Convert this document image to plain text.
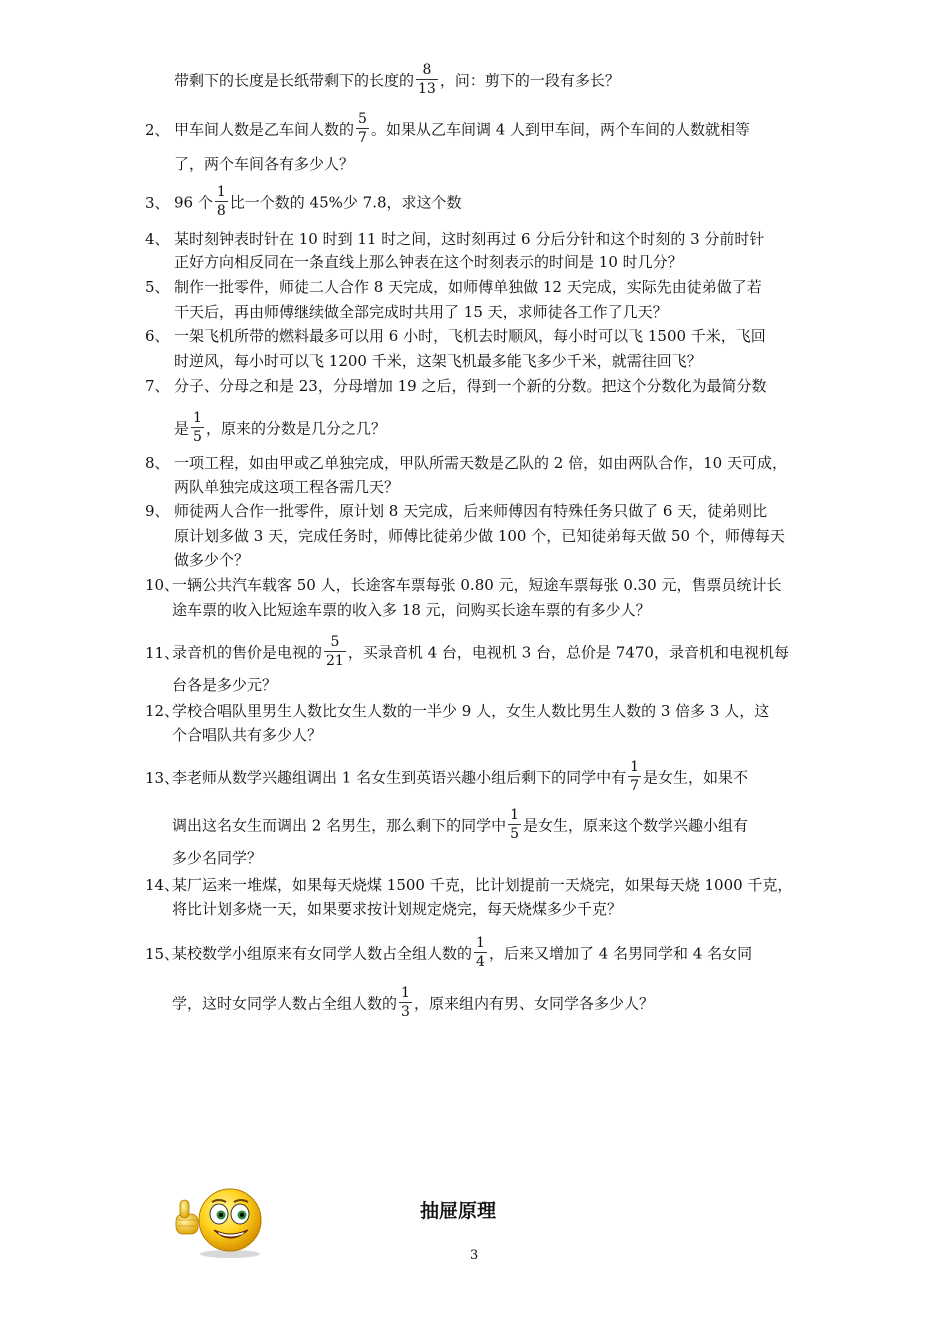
带剩下的长度是长纸带剩下的长度的 $\frac{8}{13}$ ，问：剪下的一段有多长？
2、 甲车间人数是乙车间人数的 $\frac{5}{7}$ 。如果从乙车间调 4 人到甲车间，两个车间的人数就相等
了，两个车间各有多少人？
3、 96 个 $\frac{1}{8}$ 比一个数的 45%少 7.8，求这个数
4、 某时刻钟表时针在 10 时到 11 时之间，这时刻再过 6 分后分针和这个时刻的 3 分前时针
正好方向相反同在一条直线上那么钟表在这个时刻表示的时间是 10 时几分？
5、 制作一批零件，师徒二人合作 8 天完成，如师傅单独做 12 天完成，实际先由徒弟做了若
干天后，再由师傅继续做全部完成时共用了 15 天，求师徒各工作了几天？
6、 一架飞机所带的燃料最多可以用 6 小时，飞机去时顺风，每小时可以飞 1500 千米，飞回
时逆风，每小时可以飞 1200 千米，这架飞机最多能飞多少千米，就需往回飞？
7、 分子、分母之和是 23，分母增加 19 之后，得到一个新的分数。把这个分数化为最简分数
是 $\frac{1}{5}$ ，原来的分数是几分之几？
8、 一项工程，如由甲或乙单独完成，甲队所需天数是乙队的 2 倍，如由两队合作，10 天可成，
两队单独完成这项工程各需几天？
9、 师徒两人合作一批零件，原计划 8 天完成，后来师傅因有特殊任务只做了 6 天，徒弟则比
原计划多做 3 天，完成任务时，师傅比徒弟少做 100 个，已知徒弟每天做 50 个，师傅每天
做多少个？
10、一辆公共汽车载客 50 人，长途客车票每张 0.80 元，短途车票每张 0.30 元，售票员统计长
途车票的收入比短途车票的收入多 18 元，问购买长途车票的有多少人？
11、录音机的售价是电视的 $\frac{5}{21}$ ，买录音机 4 台，电视机 3 台，总价是 7470，录音机和电视机每
台各是多少元？
12、学校合唱队里男生人数比女生人数的一半少 9 人，女生人数比男生人数的 3 倍多 3 人，这
个合唱队共有多少人？
13、李老师从数学兴趣组调出 1 名女生到英语兴趣小组后剩下的同学中有 $\frac{1}{7}$ 是女生，如果不
调出这名女生而调出 2 名男生，那么剩下的同学中 $\frac{1}{5}$ 是女生，原来这个数学兴趣小组有
多少名同学？
14、某厂运来一堆煤，如果每天烧煤 1500 千克，比计划提前一天烧完，如果每天烧 1000 千克，
将比计划多烧一天，如果要求按计划规定烧完，每天烧煤多少千克？
15、某校数学小组原来有女同学人数占全组人数的 $\frac{1}{4}$ ，后来又增加了 4 名男同学和 4 名女同
学，这时女同学人数占全组人数的 $\frac{1}{3}$ ，原来组内有男、女同学各多少人？
抽屉原理
3
